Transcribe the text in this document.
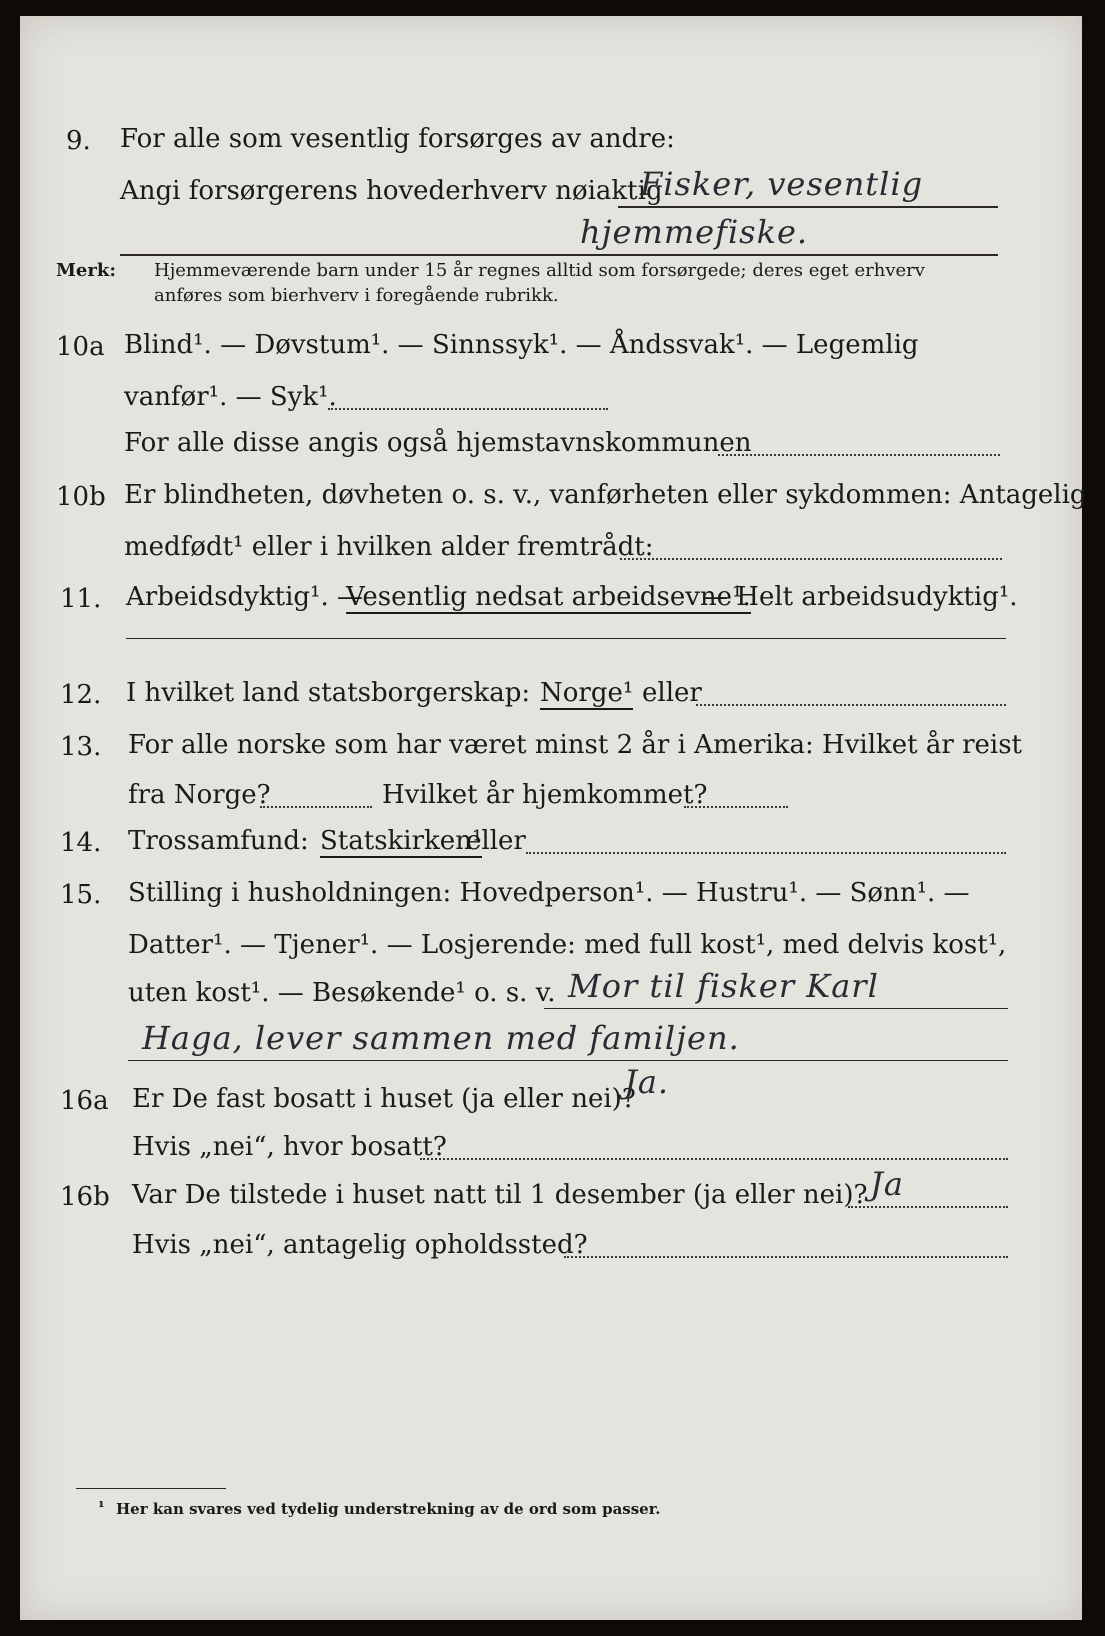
9. For alle som vesentlig forsørges av andre:
Angi forsørgerens hovederhverv nøiaktig
Fisker, vesentlig
hjemmefiske.
Merk: Hjemmeværende barn under 15 år regnes alltid som forsørgede; deres eget erhverv
anføres som bierhverv i foregående rubrikk.
10a Blind¹. — Døvstum¹. — Sinnssyk¹. — Åndssvak¹. — Legemlig
vanfør¹. — Syk¹.
For alle disse angis også hjemstavnskommunen
10b Er blindheten, døvheten o. s. v., vanførheten eller sykdommen: Antagelig
medfødt¹ eller i hvilken alder fremtrådt:
11. Arbeidsdyktig¹. —
Vesentlig nedsat arbeidsevne¹.
— Helt arbeidsudyktig¹.
12. I hvilket land statsborgerskap: Norge¹ eller
13. For alle norske som har været minst 2 år i Amerika: Hvilket år reist
fra Norge?	Hvilket år hjemkommet?
14. Trossamfund: Statskirken¹
eller
15. Stilling i husholdningen: Hovedperson¹. — Hustru¹. — Sønn¹. —
Datter¹. — Tjener¹. — Losjerende: med full kost¹, med delvis kost¹,
uten kost¹. — Besøkende¹ o. s. v. Mor til fisker Karl
Haga, lever sammen med familjen.
16a Er De fast bosatt i huset (ja eller nei)?
Ja.
Hvis „nei“, hvor bosatt?
16b Var De tilstede i huset natt til 1 desember (ja eller nei)? Ja
Hvis „nei“, antagelig opholdssted?
¹ Her kan svares ved tydelig understrekning av de ord som passer.
